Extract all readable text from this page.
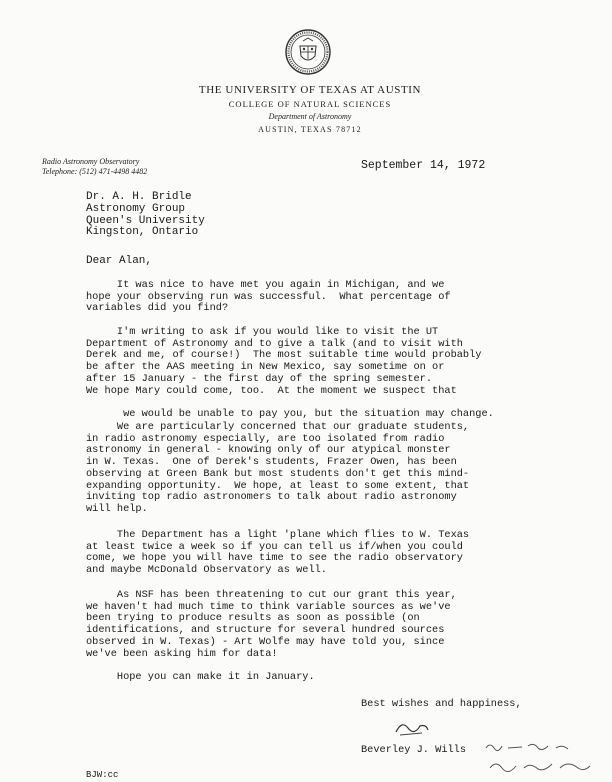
THE UNIVERSITY OF TEXAS AT AUSTIN
COLLEGE OF NATURAL SCIENCES
Department of Astronomy
AUSTIN, TEXAS 78712
Radio Astronomy Observatory
Telephone: (512) 471-4498 4482	September 14, 1972
Dr. A. H. Bridle
Astronomy Group
Queen's University
Kingston, Ontario
Dear Alan,
It was nice to have met you again in Michigan, and we
hope your observing run was successful.  What percentage of
variables did you find?
I'm writing to ask if you would like to visit the UT
Department of Astronomy and to give a talk (and to visit with
Derek and me, of course!)  The most suitable time would probably
be after the AAS meeting in New Mexico, say sometime on or
after 15 January - the first day of the spring semester.
We hope Mary could come, too.  At the moment we suspect that

we would be unable to pay you, but the situation may change.

We are particularly concerned that our graduate students,
in radio astronomy especially, are too isolated from radio
astronomy in general - knowing only of our atypical monster
in W. Texas.  One of Derek's students, Frazer Owen, has been
observing at Green Bank but most students don't get this mind-
expanding opportunity.  We hope, at least to some extent, that
inviting top radio astronomers to talk about radio astronomy
will help.
The Department has a light 'plane which flies to W. Texas
at least twice a week so if you can tell us if/when you could
come, we hope you will have time to see the radio observatory
and maybe McDonald Observatory as well.
As NSF has been threatening to cut our grant this year,
we haven't had much time to think variable sources as we've
been trying to produce results as soon as possible (on
identifications, and structure for several hundred sources
observed in W. Texas) - Art Wolfe may have told you, since
we've been asking him for data!
Hope you can make it in January.
Best wishes and happiness,
Beverley J. Wills
BJW:cc
